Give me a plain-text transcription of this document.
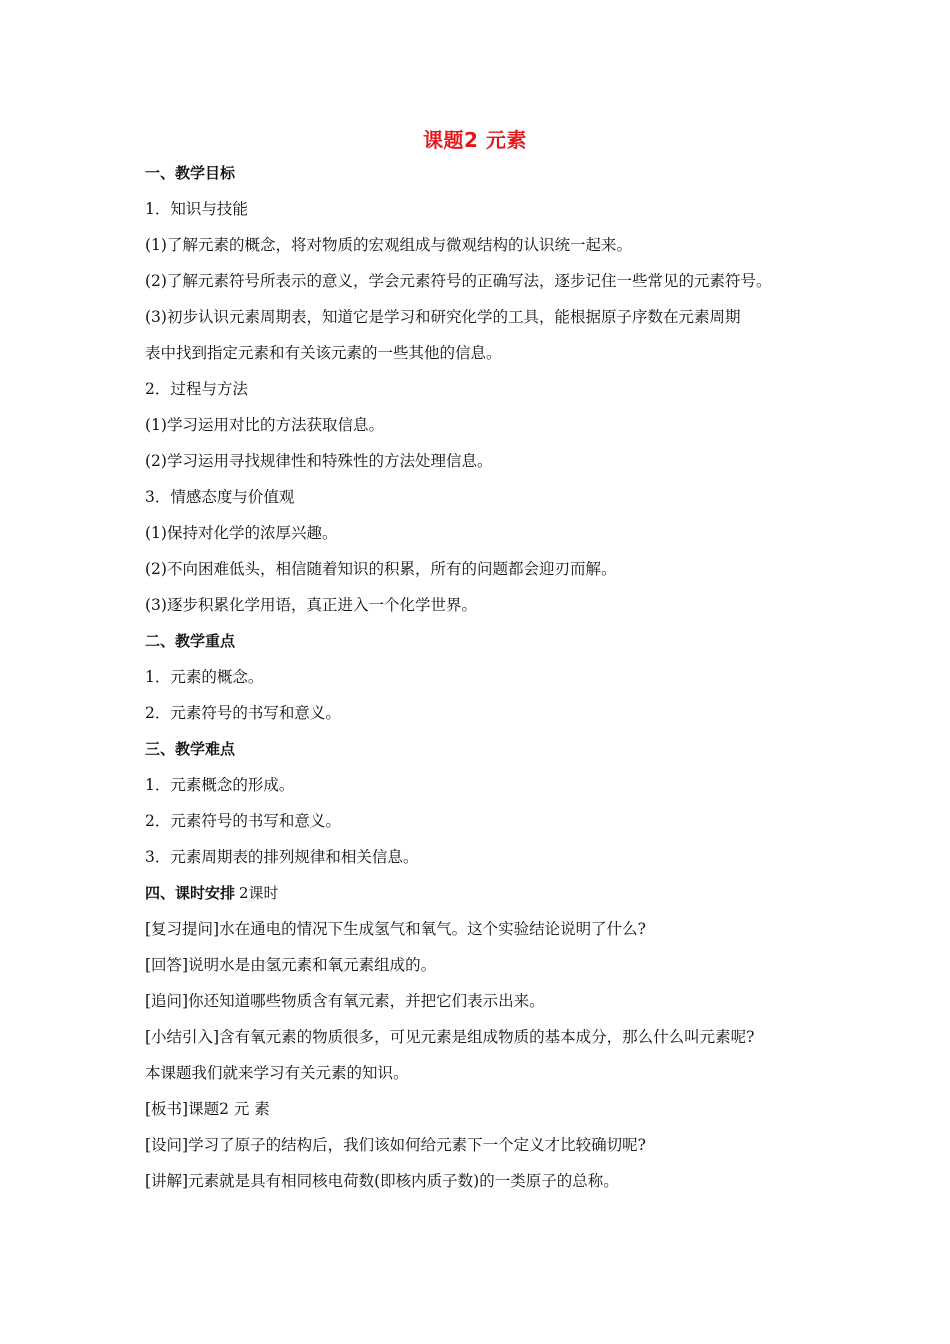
课题2 元素
一、教学目标
1．知识与技能
(1)了解元素的概念，将对物质的宏观组成与微观结构的认识统一起来。
(2)了解元素符号所表示的意义，学会元素符号的正确写法，逐步记住一些常见的元素符号。
(3)初步认识元素周期表，知道它是学习和研究化学的工具，能根据原子序数在元素周期
表中找到指定元素和有关该元素的一些其他的信息。
2．过程与方法
(1)学习运用对比的方法获取信息。
(2)学习运用寻找规律性和特殊性的方法处理信息。
3．情感态度与价值观
(1)保持对化学的浓厚兴趣。
(2)不向困难低头，相信随着知识的积累，所有的问题都会迎刃而解。
(3)逐步积累化学用语，真正进入一个化学世界。
二、教学重点
1．元素的概念。
2．元素符号的书写和意义。
三、教学难点
1．元素概念的形成。
2．元素符号的书写和意义。
3．元素周期表的排列规律和相关信息。
四、课时安排 2课时
[复习提问]水在通电的情况下生成氢气和氧气。这个实验结论说明了什么?
[回答]说明水是由氢元素和氧元素组成的。
[追问]你还知道哪些物质含有氧元素，并把它们表示出来。
[小结引入]含有氧元素的物质很多，可见元素是组成物质的基本成分，那么什么叫元素呢?
本课题我们就来学习有关元素的知识。
[板书]课题2 元 素
[设问]学习了原子的结构后，我们该如何给元素下一个定义才比较确切呢?
[讲解]元素就是具有相同核电荷数(即核内质子数)的一类原子的总称。
